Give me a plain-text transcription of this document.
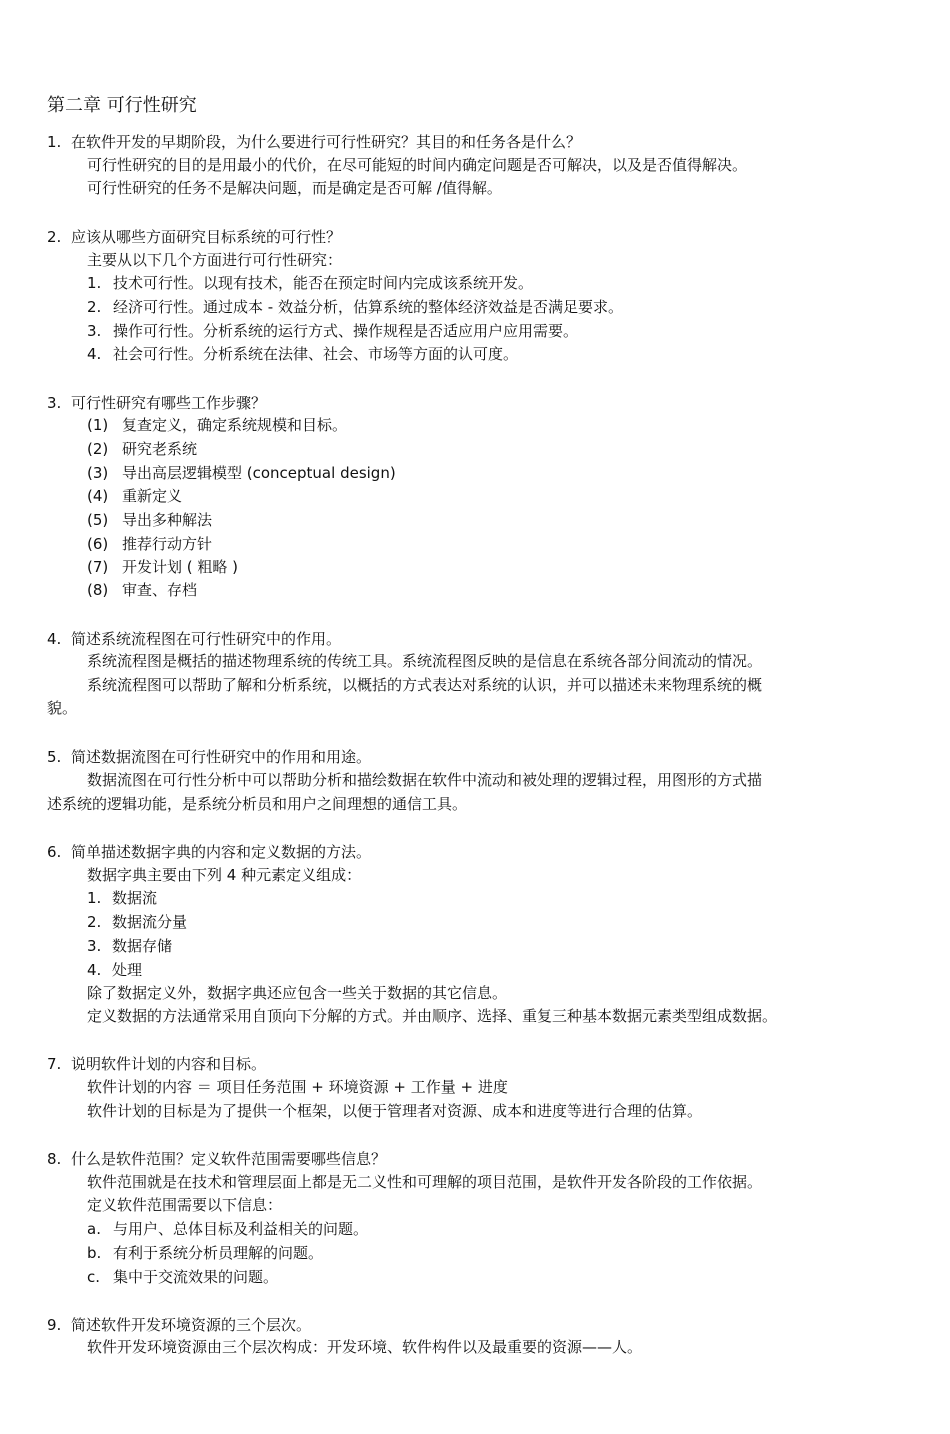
第二章 可行性研究
1. 在软件开发的早期阶段，为什么要进行可行性研究？其目的和任务各是什么？
可行性研究的目的是用最小的代价，在尽可能短的时间内确定问题是否可解决，以及是否值得解决。
可行性研究的任务不是解决问题，而是确定是否可解 /值得解。
2. 应该从哪些方面研究目标系统的可行性？
主要从以下几个方面进行可行性研究：
1. 技术可行性。以现有技术，能否在预定时间内完成该系统开发。
2. 经济可行性。通过成本 - 效益分析，估算系统的整体经济效益是否满足要求。
3. 操作可行性。分析系统的运行方式、操作规程是否适应用户应用需要。
4. 社会可行性。分析系统在法律、社会、市场等方面的认可度。
3. 可行性研究有哪些工作步骤？
(1) 复查定义，确定系统规模和目标。
(2) 研究老系统
(3) 导出高层逻辑模型 (conceptual design)
(4) 重新定义
(5) 导出多种解法
(6) 推荐行动方针
(7) 开发计划 ( 粗略 )
(8) 审查、存档
4. 简述系统流程图在可行性研究中的作用。
系统流程图是概括的描述物理系统的传统工具。系统流程图反映的是信息在系统各部分间流动的情况。
系统流程图可以帮助了解和分析系统，以概括的方式表达对系统的认识，并可以描述未来物理系统的概
貌。
5. 简述数据流图在可行性研究中的作用和用途。
数据流图在可行性分析中可以帮助分析和描绘数据在软件中流动和被处理的逻辑过程，用图形的方式描
述系统的逻辑功能，是系统分析员和用户之间理想的通信工具。
6. 简单描述数据字典的内容和定义数据的方法。
数据字典主要由下列 4 种元素定义组成：
1. 数据流
2. 数据流分量
3. 数据存储
4. 处理
除了数据定义外，数据字典还应包含一些关于数据的其它信息。
定义数据的方法通常采用自顶向下分解的方式。并由顺序、选择、重复三种基本数据元素类型组成数据。
7. 说明软件计划的内容和目标。
软件计划的内容 ＝ 项目任务范围 + 环境资源 + 工作量 + 进度
软件计划的目标是为了提供一个框架，以便于管理者对资源、成本和进度等进行合理的估算。
8. 什么是软件范围？定义软件范围需要哪些信息？
软件范围就是在技术和管理层面上都是无二义性和可理解的项目范围，是软件开发各阶段的工作依据。
定义软件范围需要以下信息：
a. 与用户、总体目标及利益相关的问题。
b. 有利于系统分析员理解的问题。
c. 集中于交流效果的问题。
9. 简述软件开发环境资源的三个层次。
软件开发环境资源由三个层次构成：开发环境、软件构件以及最重要的资源——人。
